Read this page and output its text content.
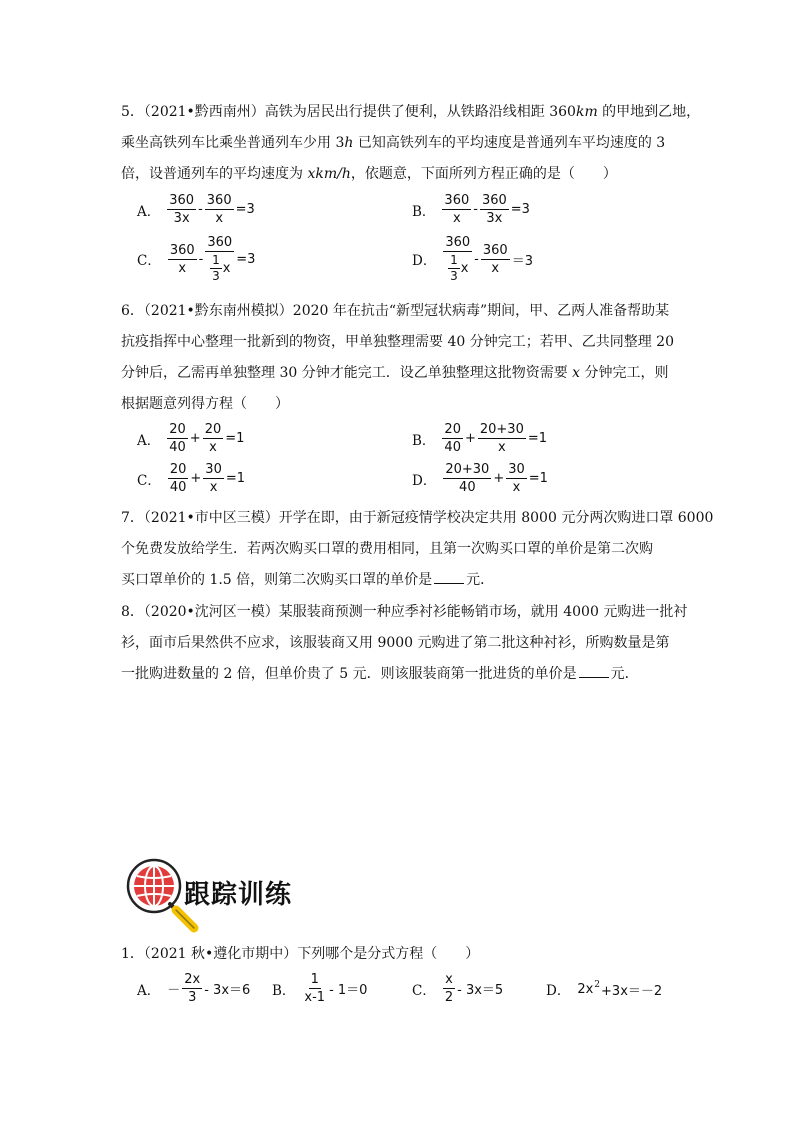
5．（2021•黔西南州）高铁为居民出行提供了便利，从铁路沿线相距 360km 的甲地到乙地，
乘坐高铁列车比乘坐普通列车少用 3h 已知高铁列车的平均速度是普通列车平均速度的 3
倍，设普通列车的平均速度为 xkm/h，依题意，下面所列方程正确的是（　　）
A． $\frac{360}{3x} - \frac{360}{x} =3$	B． $\frac{360}{x} - \frac{360}{3x} =3$
C． $\frac{360}{x} - \frac{360}{\frac{1}{3} x} =3$	D． $\frac{360}{\frac{1}{3} x} - \frac{360}{x} =3$
6．（2021•黔东南州模拟）2020 年在抗击“新型冠状病毒”期间，甲、乙两人准备帮助某
抗疫指挥中心整理一批新到的物资，甲单独整理需要 40 分钟完工；若甲、乙共同整理 20
分钟后，乙需再单独整理 30 分钟才能完工．设乙单独整理这批物资需要 x 分钟完工，则
根据题意列得方程（　　）
A． $\frac{20}{40} + \frac{20}{x} =1$	B． $\frac{20}{40} + \frac{20+30}{x} =1$
C． $\frac{20}{40} + \frac{30}{x} =1$	D． $\frac{20+30}{40} + \frac{30}{x} =1$
7．（2021•市中区三模）开学在即，由于新冠疫情学校决定共用 8000 元分两次购进口罩 6000
个免费发放给学生．若两次购买口罩的费用相同，且第一次购买口罩的单价是第二次购
买口罩单价的 1.5 倍，则第二次购买口罩的单价是 元．
8．（2020•沈河区一模）某服装商预测一种应季衬衫能畅销市场，就用 4000 元购进一批衬
衫，面市后果然供不应求，该服装商又用 9000 元购进了第二批这种衬衫，所购数量是第
一批购进数量的 2 倍，但单价贵了 5 元．则该服装商第一批进货的单价是 元．
跟踪训练
1．（2021 秋•遵化市期中）下列哪个是分式方程（　　）
A． － $\frac{2x}{3} - 3x=6$ B． $\frac{1}{x-1} - 1=0$	C． $\frac{x}{2} - 3x=5$	D． $2x^2 +3x=-2$
